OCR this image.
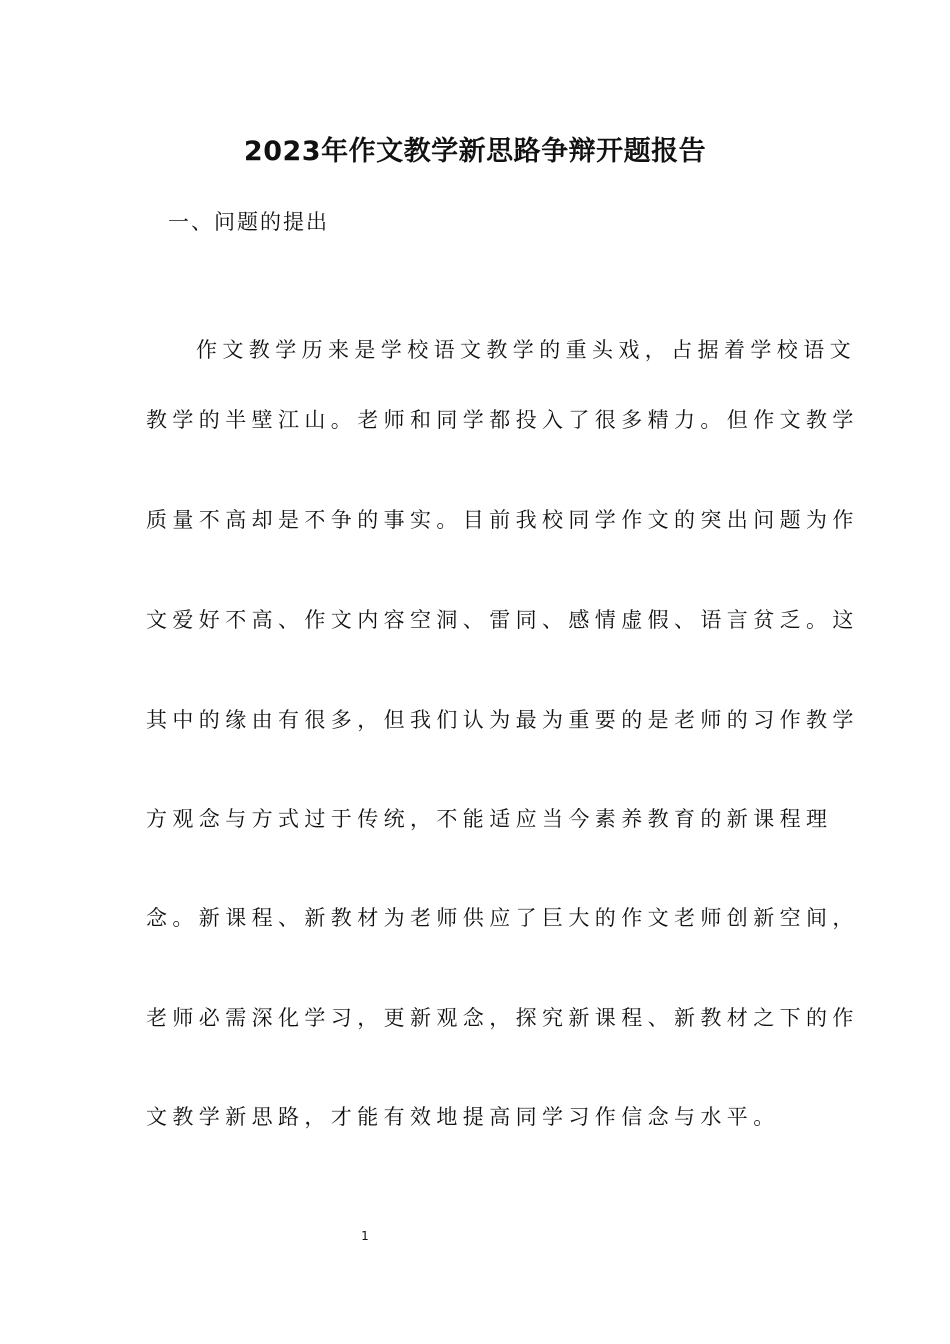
2023年作文教学新思路争辩开题报告
一、问题的提出
作文教学历来是学校语文教学的重头戏，占据着学校语文
教学的半壁江山。老师和同学都投入了很多精力。但作文教学
质量不高却是不争的事实。目前我校同学作文的突出问题为作
文爱好不高、作文内容空洞、雷同、感情虚假、语言贫乏。这
其中的缘由有很多，但我们认为最为重要的是老师的习作教学
方观念与方式过于传统，不能适应当今素养教育的新课程理
念。新课程、新教材为老师供应了巨大的作文老师创新空间，
老师必需深化学习，更新观念，探究新课程、新教材之下的作
文教学新思路，才能有效地提高同学习作信念与水平。
1
